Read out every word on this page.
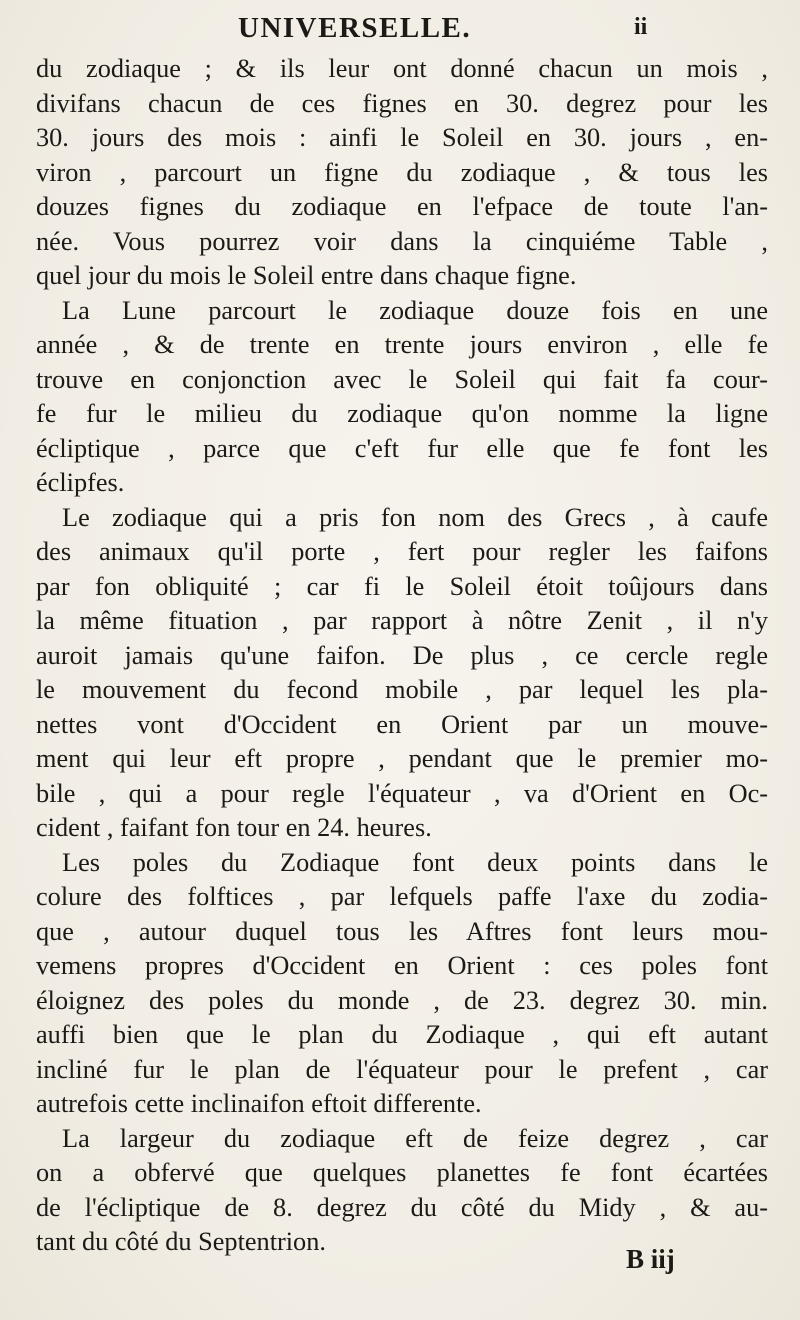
UNIVERSELLE.	ii
du zodiaque ; & ils leur ont donné chacun un mois ,
divifans chacun de ces fignes en 30. degrez pour les
30. jours des mois : ainfi le Soleil en 30. jours , en-
viron , parcourt un figne du zodiaque , & tous les
douzes fignes du zodiaque en l'efpace de toute l'an-
née. Vous pourrez voir dans la cinquiéme Table ,
quel jour du mois le Soleil entre dans chaque figne.
La Lune parcourt le zodiaque douze fois en une
année , & de trente en trente jours environ , elle fe
trouve en conjonction avec le Soleil qui fait fa cour-
fe fur le milieu du zodiaque qu'on nomme la ligne
écliptique , parce que c'eft fur elle que fe font les
éclipfes.
Le zodiaque qui a pris fon nom des Grecs , à caufe
des animaux qu'il porte , fert pour regler les faifons
par fon obliquité ; car fi le Soleil étoit toûjours dans
la même fituation , par rapport à nôtre Zenit , il n'y
auroit jamais qu'une faifon. De plus , ce cercle regle
le mouvement du fecond mobile , par lequel les pla-
nettes vont d'Occident en Orient par un mouve-
ment qui leur eft propre , pendant que le premier mo-
bile , qui a pour regle l'équateur , va d'Orient en Oc-
cident , faifant fon tour en 24. heures.
Les poles du Zodiaque font deux points dans le
colure des folftices , par lefquels paffe l'axe du zodia-
que , autour duquel tous les Aftres font leurs mou-
vemens propres d'Occident en Orient : ces poles font
éloignez des poles du monde , de 23. degrez 30. min.
auffi bien que le plan du Zodiaque , qui eft autant
incliné fur le plan de l'équateur pour le prefent , car
autrefois cette inclinaifon eftoit differente.
La largeur du zodiaque eft de feize degrez , car
on a obfervé que quelques planettes fe font écartées
de l'écliptique de 8. degrez du côté du Midy , & au-
tant du côté du Septentrion.
B iij
